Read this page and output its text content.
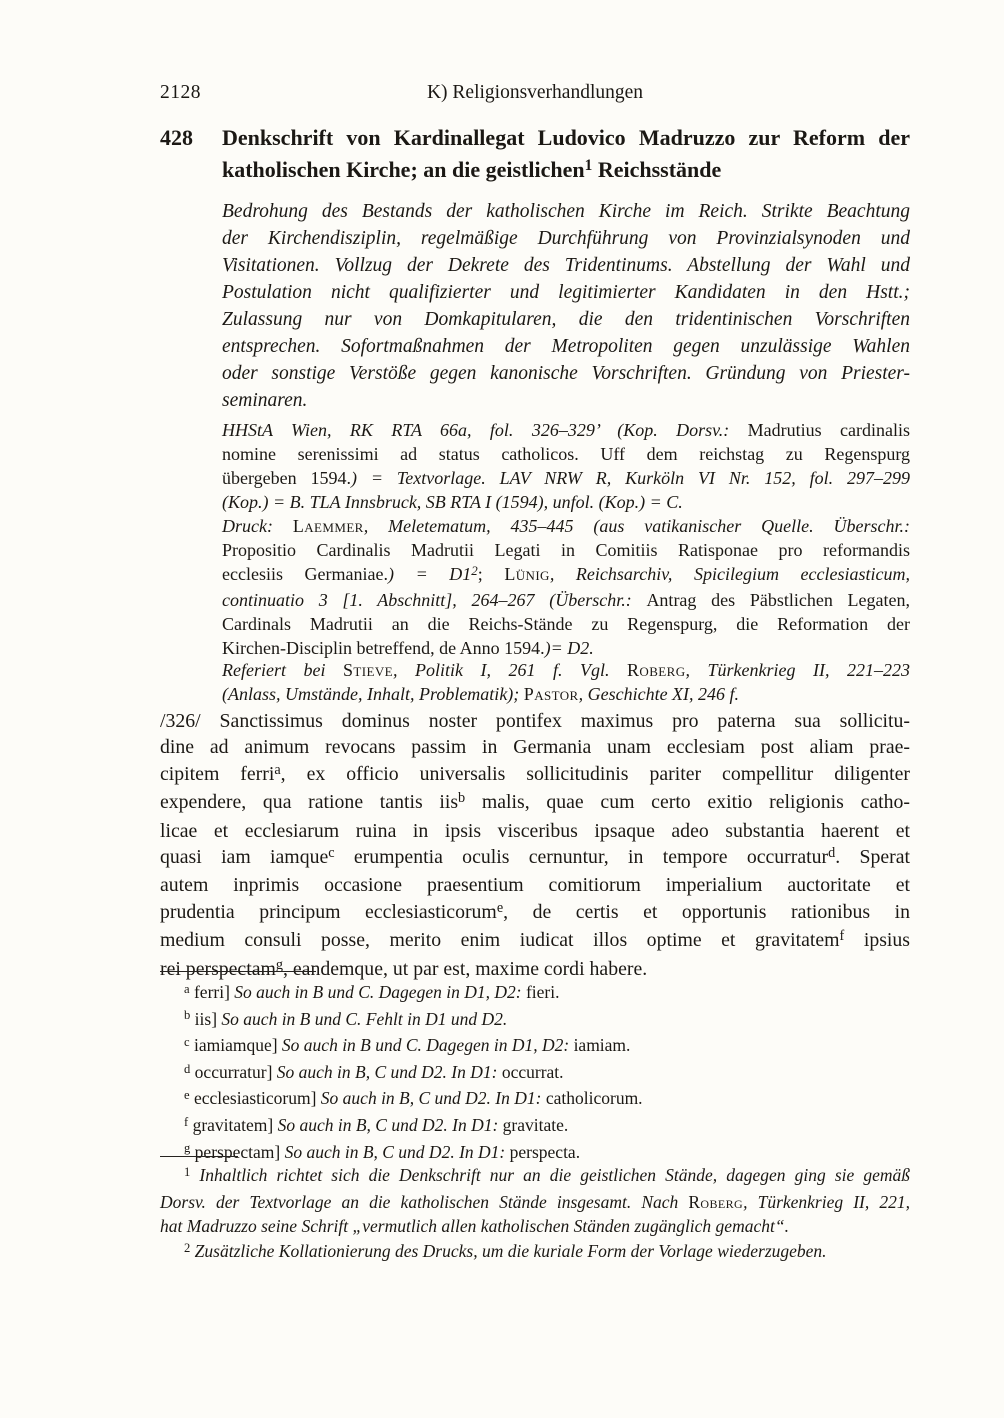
2128	K) Religionsverhandlungen
428	Denkschrift von Kardinallegat Ludovico Madruzzo zur Reform der
katholischen Kirche; an die geistlichen$^1$ Reichsstände
Bedrohung des Bestands der katholischen Kirche im Reich. Strikte Beachtung
der Kirchendisziplin, regelmäßige Durchführung von Provinzialsynoden und
Visitationen. Vollzug der Dekrete des Tridentinums. Abstellung der Wahl und
Postulation nicht qualifizierter und legitimierter Kandidaten in den Hstt.;
Zulassung nur von Domkapitularen, die den tridentinischen Vorschriften
entsprechen. Sofortmaßnahmen der Metropoliten gegen unzulässige Wahlen
oder sonstige Verstöße gegen kanonische Vorschriften. Gründung von Priester-
seminaren.
HHStA Wien, RK RTA 66a, fol. 326–329’ (Kop. Dorsv.: Madrutius cardinalis
nomine serenissimi ad status catholicos. Uff dem reichstag zu Regenspurg
übergeben 1594.) = Textvorlage. LAV NRW R, Kurköln VI Nr. 152, fol. 297–299
(Kop.) = B. TLA Innsbruck, SB RTA I (1594), unfol. (Kop.) = C.
Druck: Laemmer, Meletematum, 435–445 (aus vatikanischer Quelle. Überschr.:
Propositio Cardinalis Madrutii Legati in Comitiis Ratisponae pro reformandis
ecclesiis Germaniae.) = $D1^2$; Lünig, Reichsarchiv, Spicilegium ecclesiasticum,
continuatio 3 [1. Abschnitt], 264–267 (Überschr.: Antrag des Päbstlichen Legaten,
Cardinals Madrutii an die Reichs-Stände zu Regenspurg, die Reformation der
Kirchen-Disciplin betreffend, de Anno 1594.)= D2.
Referiert bei Stieve, Politik I, 261 f. Vgl. Roberg, Türkenkrieg II, 221–223
(Anlass, Umstände, Inhalt, Problematik); Pastor, Geschichte XI, 246 f.
/326/ Sanctissimus dominus noster pontifex maximus pro paterna sua sollicitu-
dine ad animum revocans passim in Germania unam ecclesiam post aliam prae-
cipitem ferri$^a$, ex officio universalis sollicitudinis pariter compellitur diligenter
expendere, qua ratione tantis iis$^b$ malis, quae cum certo exitio religionis catho-
licae et ecclesiarum ruina in ipsis visceribus ipsaque adeo substantia haerent et
quasi iam iamque$^c$ erumpentia oculis cernuntur, in tempore occurratur$^d$. Sperat
autem inprimis occasione praesentium comitiorum imperialium auctoritate et
prudentia principum ecclesiasticorum$^e$, de certis et opportunis rationibus in
medium consuli posse, merito enim iudicat illos optime et gravitatem$^f$ ipsius
rei perspectam$^g$, eandemque, ut par est, maxime cordi habere.
$^a$ ferri] So auch in B und C. Dagegen in D1, D2: fieri.
$^b$ iis] So auch in B und C. Fehlt in D1 und D2.
$^c$ iamiamque] So auch in B und C. Dagegen in D1, D2: iamiam.
$^d$ occurratur] So auch in B, C und D2. In D1: occurrat.
$^e$ ecclesiasticorum] So auch in B, C und D2. In D1: catholicorum.
$^f$ gravitatem] So auch in B, C und D2. In D1: gravitate.
$^g$ perspectam] So auch in B, C und D2. In D1: perspecta.
$^1$ Inhaltlich richtet sich die Denkschrift nur an die geistlichen Stände, dagegen ging sie gemäß
Dorsv. der Textvorlage an die katholischen Stände insgesamt. Nach Roberg, Türkenkrieg II, 221,
hat Madruzzo seine Schrift „vermutlich allen katholischen Ständen zugänglich gemacht“.
$^2$ Zusätzliche Kollationierung des Drucks, um die kuriale Form der Vorlage wiederzugeben.
